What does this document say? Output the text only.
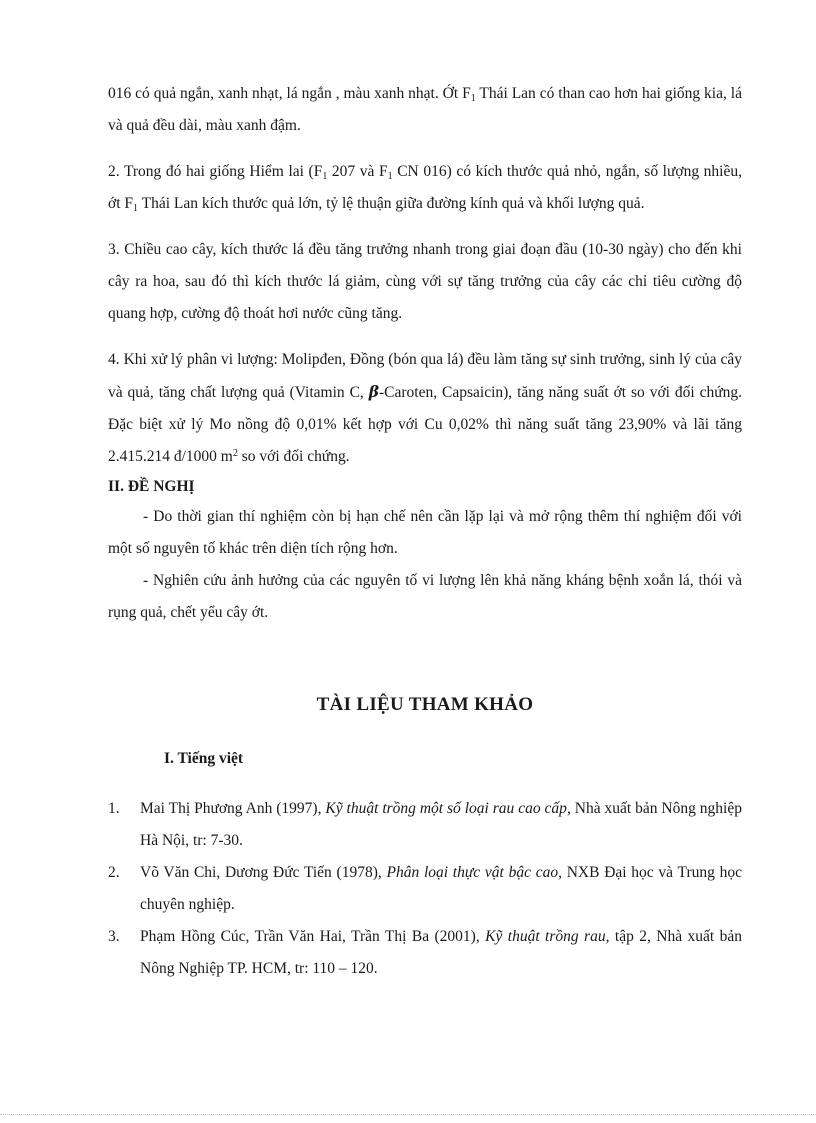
016 có quả ngắn, xanh nhạt, lá ngắn , màu xanh nhạt. Ớt $F_1$ Thái Lan có than cao hơn hai giống kia, lá và quả đều dài, màu xanh đậm.

2. Trong đó hai giống Hiểm lai ($F_1$ 207 và $F_1$ CN 016) có kích thước quả nhỏ, ngắn, số lượng nhiều, ớt $F_1$ Thái Lan kích thước quả lớn, tỷ lệ thuận giữa đường kính quả và khối lượng quả.

3. Chiều cao cây, kích thước lá đều tăng trưởng nhanh trong giai đoạn đầu (10-30 ngày) cho đến khi cây ra hoa, sau đó thì kích thước lá giảm, cùng với sự tăng trưởng của cây các chỉ tiêu cường độ quang hợp, cường độ thoát hơi nước cũng tăng.

4. Khi xử lý phân vi lượng: Molipđen, Đồng (bón qua lá) đều làm tăng sự sinh trưởng, sinh lý của cây và quả, tăng chất lượng quả (Vitamin C, β-Caroten, Capsaicin), tăng năng suất ớt so với đối chứng. Đặc biệt xử lý Mo nồng độ 0,01% kết hợp với Cu 0,02% thì năng suất tăng 23,90% và lãi tăng 2.415.214 đ/1000 $m^2$ so với đối chứng.

II. ĐỀ NGHỊ

- Do thời gian thí nghiệm còn bị hạn chế nên cần lặp lại và mở rộng thêm thí nghiệm đối với một số nguyên tố khác trên diện tích rộng hơn.

- Nghiên cứu ảnh hưởng của các nguyên tố vi lượng lên khả năng kháng bệnh xoắn lá, thói và rụng quả, chết yểu cây ớt.

TÀI LIỆU THAM KHẢO
I. Tiếng việt
1. Mai Thị Phương Anh (1997), Kỹ thuật trồng một số loại rau cao cấp, Nhà xuất bản Nông nghiệp Hà Nội, tr: 7-30.
2. Võ Văn Chi, Dương Đức Tiến (1978), Phân loại thực vật bậc cao, NXB Đại học và Trung học chuyên nghiệp.
3. Phạm Hồng Cúc, Trần Văn Hai, Trần Thị Ba (2001), Kỹ thuật trồng rau, tập 2, Nhà xuất bản Nông Nghiệp TP. HCM, tr: 110 – 120.
